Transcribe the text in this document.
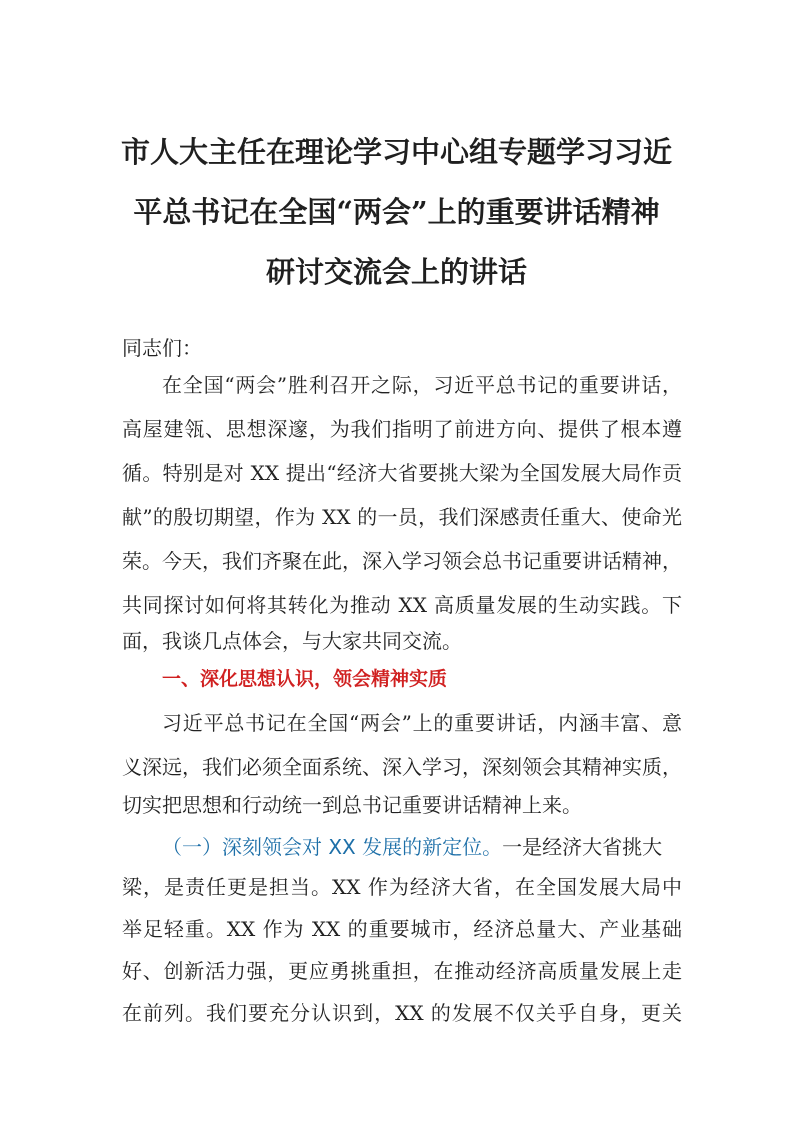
市人大主任在理论学习中心组专题学习习近
平总书记在全国“两会”上的重要讲话精神
研讨交流会上的讲话
同志们：
在全国“两会”胜利召开之际，习近平总书记的重要讲话，
高屋建瓴、思想深邃，为我们指明了前进方向、提供了根本遵
循。特别是对 XX 提出“经济大省要挑大梁为全国发展大局作贡
献”的殷切期望，作为 XX 的一员，我们深感责任重大、使命光
荣。今天，我们齐聚在此，深入学习领会总书记重要讲话精神，
共同探讨如何将其转化为推动 XX 高质量发展的生动实践。下
面，我谈几点体会，与大家共同交流。
一、深化思想认识，领会精神实质
习近平总书记在全国“两会”上的重要讲话，内涵丰富、意
义深远，我们必须全面系统、深入学习，深刻领会其精神实质，
切实把思想和行动统一到总书记重要讲话精神上来。
（一）深刻领会对 XX 发展的新定位。一是经济大省挑大
梁，是责任更是担当。XX 作为经济大省，在全国发展大局中
举足轻重。XX 作为 XX 的重要城市，经济总量大、产业基础
好、创新活力强，更应勇挑重担，在推动经济高质量发展上走
在前列。我们要充分认识到，XX 的发展不仅关乎自身，更关
